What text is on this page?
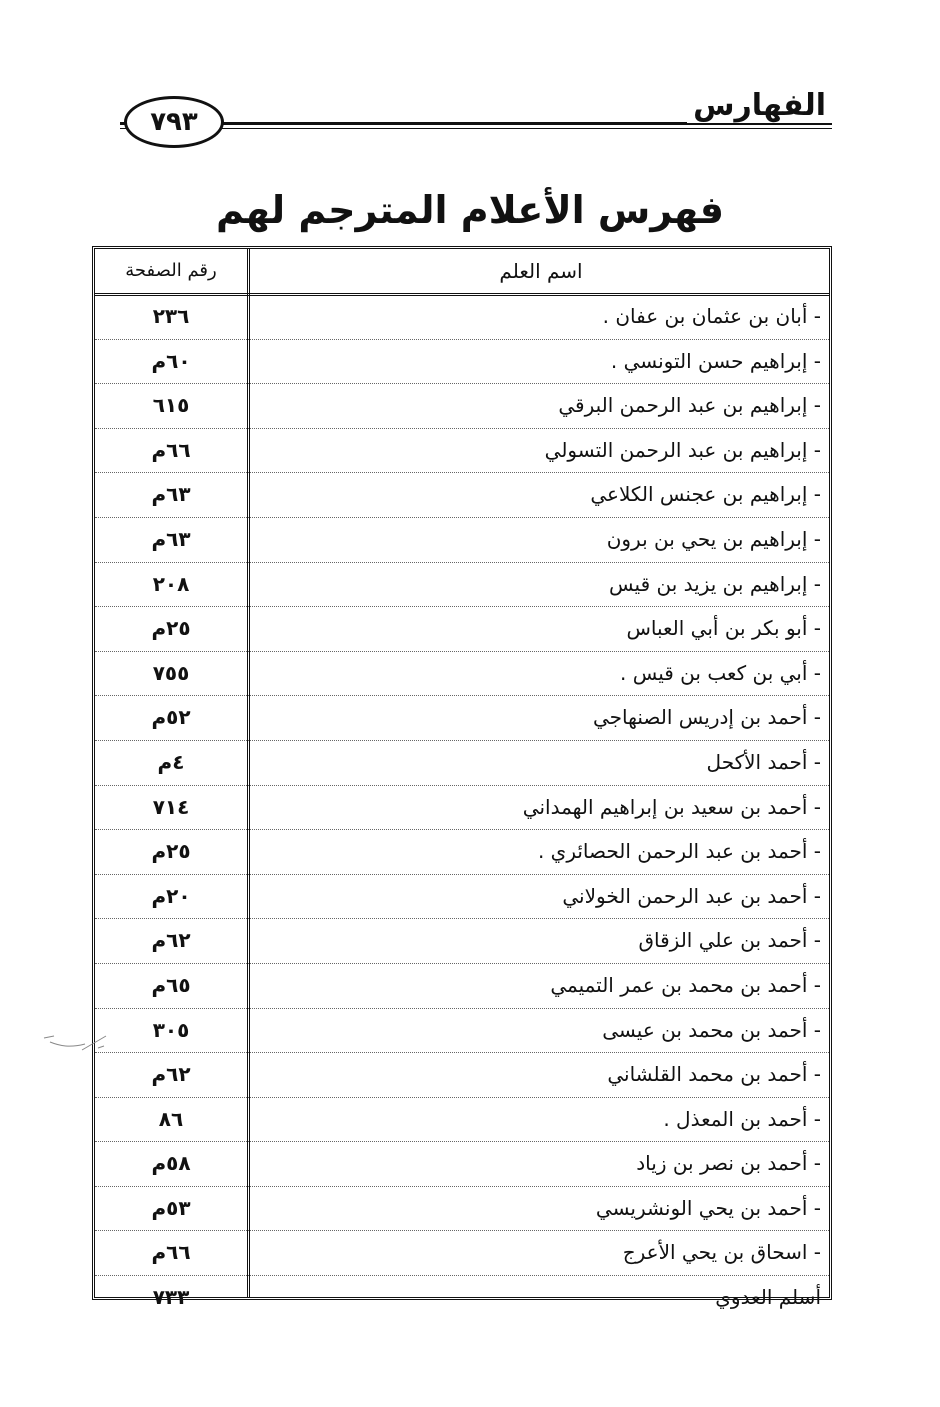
الفهارس
٧٩٣
فهرس الأعلام المترجم لهم
اسم العلم
رقم الصفحة
- أبان بن عثمان بن عفان .
٢٣٦
- إبراهيم حسن التونسي .
٦٠م
- إبراهيم بن عبد الرحمن البرقي
٦١٥
- إبراهيم بن عبد الرحمن التسولي
٦٦م
- إبراهيم بن عجنس الكلاعي
٦٣م
- إبراهيم بن يحي بن برون
٦٣م
- إبراهيم بن يزيد بن قيس
٢٠٨
- أبو بكر بن أبي العباس
٢٥م
- أبي بن كعب بن قيس .
٧٥٥
- أحمد بن إدريس الصنهاجي
٥٢م
- أحمد الأكحل
٤م
- أحمد بن سعيد بن إبراهيم الهمداني
٧١٤
- أحمد بن عبد الرحمن الحصائري .
٢٥م
- أحمد بن عبد الرحمن الخولاني
٢٠م
- أحمد بن علي الزقاق
٦٢م
- أحمد بن محمد بن عمر التميمي
٦٥م
- أحمد بن محمد بن عيسى
٣٠٥
- أحمد بن محمد القلشاني
٦٢م
- أحمد بن المعذل .
٨٦
- أحمد بن نصر بن زياد
٥٨م
- أحمد بن يحي الونشريسي
٥٣م
- اسحاق بن يحي الأعرج
٦٦م
أسلم العدوي
٧٣٣
